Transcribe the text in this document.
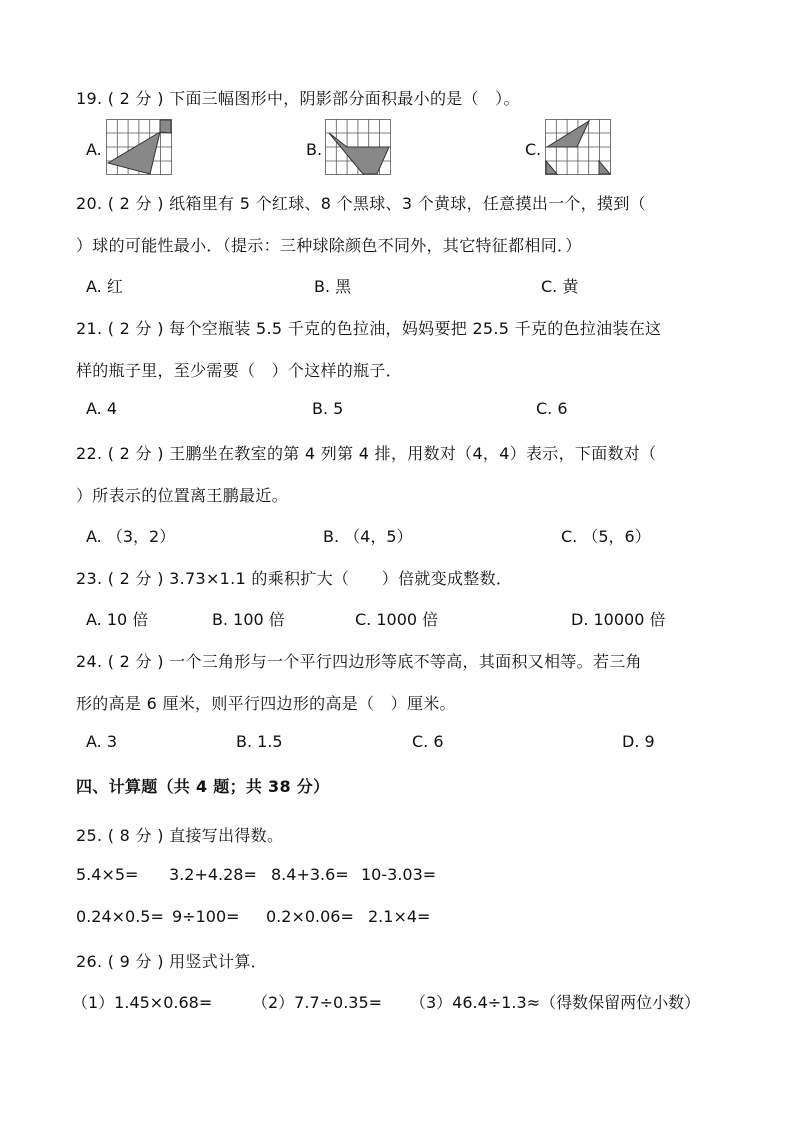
19. ( 2 分 ) 下面三幅图形中，阴影部分面积最小的是（　）。
A.	B.	C.
20. ( 2 分 ) 纸箱里有 5 个红球、8 个黑球、3 个黄球，任意摸出一个，摸到（
）球的可能性最小．（提示：三种球除颜色不同外，其它特征都相同．）
A. 红	B. 黑	C. 黄
21. ( 2 分 ) 每个空瓶装 5.5 千克的色拉油，妈妈要把 25.5 千克的色拉油装在这
样的瓶子里，至少需要（　）个这样的瓶子．
A. 4	B. 5	C. 6
22. ( 2 分 ) 王鹏坐在教室的第 4 列第 4 排，用数对（4，4）表示，下面数对（
）所表示的位置离王鹏最近。
A. （3，2）	B. （4，5）	C. （5，6）
23. ( 2 分 ) 3.73×1.1 的乘积扩大（　　）倍就变成整数．
A. 10 倍	B. 100 倍	C. 1000 倍	D. 10000 倍
24. ( 2 分 ) 一个三角形与一个平行四边形等底不等高，其面积又相等。若三角
形的高是 6 厘米，则平行四边形的高是（　）厘米。
A. 3	B. 1.5	C. 6	D. 9
四、计算题（共 4 题；共 38 分）
25. ( 8 分 ) 直接写出得数。
5.4×5= 3.2+4.28= 8.4+3.6= 10-3.03=
0.24×0.5= 9÷100= 0.2×0.06= 2.1×4=
26. ( 9 分 ) 用竖式计算．
（1）1.45×0.68= （2）7.7÷0.35= （3）46.4÷1.3≈（得数保留两位小数）
